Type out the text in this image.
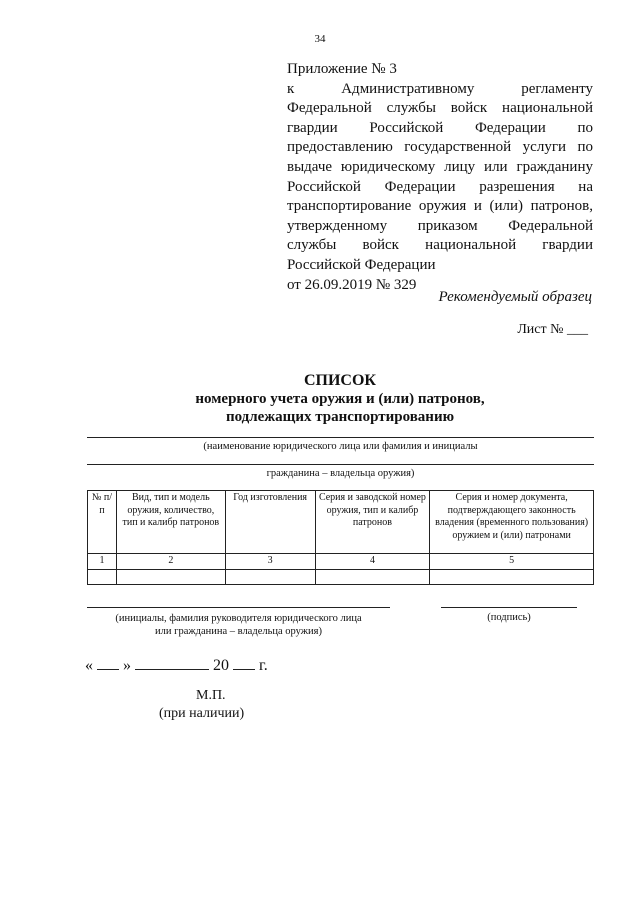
34
Приложение № 3
к Административному регламенту
Федеральной службы войск национальной
гвардии Российской Федерации по
предоставлению государственной услуги по
выдаче юридическому лицу или гражданину
Российской Федерации разрешения на
транспортирование оружия и (или) патронов,
утвержденному приказом Федеральной
службы войск национальной гвардии
Российской Федерации
от 26.09.2019 № 329
Рекомендуемый образец
Лист № ___
СПИСОК
номерного учета оружия и (или) патронов,
подлежащих транспортированию
(наименование юридического лица или фамилия и инициалы
гражданина – владельца оружия)
№ п/п	Вид, тип и модель оружия, количество, тип и калибр патронов	Год изготовления	Серия и заводской номер оружия, тип и калибр патронов	Серия и номер документа, подтверждающего законность владения (временного пользования) оружием и (или) патронами
1	2	3	4	5

(инициалы, фамилия руководителя юридического лица
или гражданина – владельца оружия)
(подпись)
« »	20 г.
М.П.
(при наличии)
